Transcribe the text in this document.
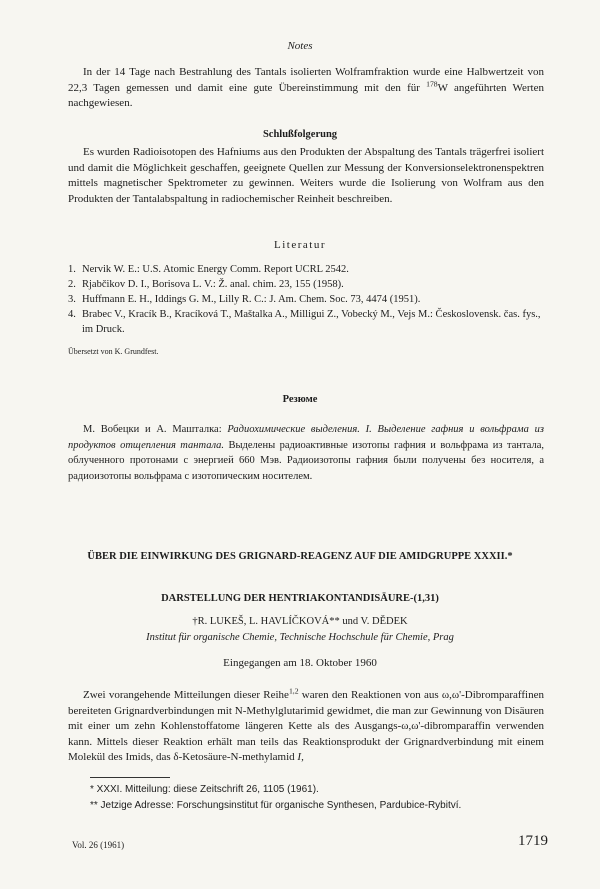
Notes
In der 14 Tage nach Bestrahlung des Tantals isolierten Wolframfraktion wurde eine Halbwertzeit von 22,3 Tagen gemessen und damit eine gute Übereinstimmung mit den für $^{178}$W angeführten Werten nachgewiesen.
Schlußfolgerung
Es wurden Radioisotopen des Hafniums aus den Produkten der Abspaltung des Tantals trägerfrei isoliert und damit die Möglichkeit geschaffen, geeignete Quellen zur Messung der Konversionselektronenspektren mittels magnetischer Spektrometer zu gewinnen. Weiters wurde die Isolierung von Wolfram aus den Produkten der Tantalabspaltung in radiochemischer Reinheit beschreiben.
Literatur
1. Nervik W. E.: U.S. Atomic Energy Comm. Report UCRL 2542.
2. Rjabčikov D. I., Borisova L. V.: Ž. anal. chim. 23, 155 (1958).
3. Huffmann E. H., Iddings G. M., Lilly R. C.: J. Am. Chem. Soc. 73, 4474 (1951).
4. Brabec V., Kracík B., Kracíková T., Maštalka A., Milligui Z., Vobecký M., Vejs M.: Československ. čas. fys., im Druck.
Übersetzt von K. Grundfest.
Резюме
М. Вобецки и А. Машталка: Радиохимические выделения. I. Выделение гафния и вольфрама из продуктов отщепления тантала. Выделены радиоактивные изотопы гафния и вольфрама из тантала, облученного протонами с энергией 660 Мэв. Радиоизотопы гафния были получены без носителя, а радиоизотопы вольфрама с изотопическим носителем.
ÜBER DIE EINWIRKUNG DES GRIGNARD-REAGENZ AUF DIE AMIDGRUPPE XXXII.*
DARSTELLUNG DER HENTRIAKONTANDISÄURE-(1,31)
†R. LUKEŠ, L. HAVLÍČKOVÁ** und V. DĚDEK
Institut für organische Chemie, Technische Hochschule für Chemie, Prag
Eingegangen am 18. Oktober 1960
Zwei vorangehende Mitteilungen dieser Reihe$^{1,2}$ waren den Reaktionen von aus ω,ω'-Dibromparaffinen bereiteten Grignardverbindungen mit N-Methylglutarimid gewidmet, die man zur Gewinnung von Disäuren mit einer um zehn Kohlenstoffatome längeren Kette als des Ausgangs-ω,ω'-dibromparaffin verwenden kann. Mittels dieser Reaktion erhält man teils das Reaktionsprodukt der Grignardverbindung mit einem Molekül des Imids, das δ-Ketosäure-N-methylamid I,
* XXXI. Mitteilung: diese Zeitschrift 26, 1105 (1961).
** Jetzige Adresse: Forschungsinstitut für organische Synthesen, Pardubice-Rybitví.
Vol. 26 (1961)	1719
